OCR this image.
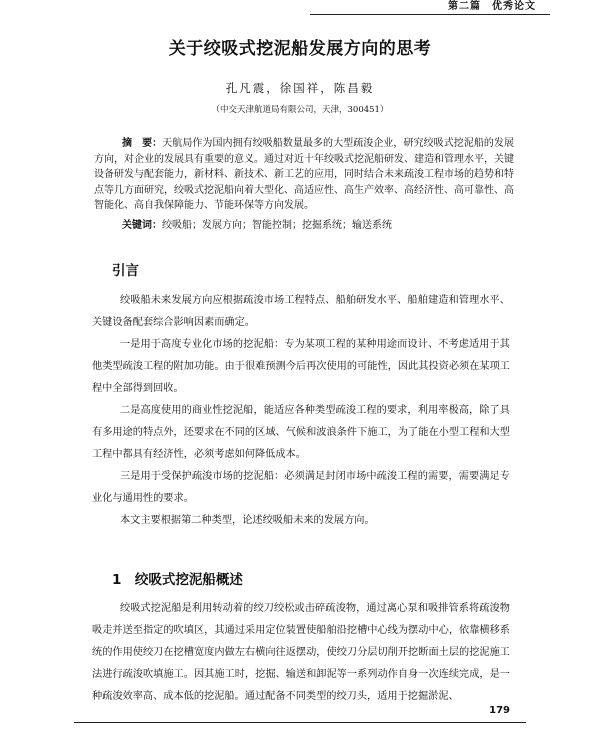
第二篇　优秀论文
关于绞吸式挖泥船发展方向的思考
孔凡震，徐国祥，陈昌毅
（中交天津航道局有限公司，天津，300451）
摘　要：天航局作为国内拥有绞吸船数量最多的大型疏浚企业，研究绞吸式挖泥船的发展方向，对企业的发展具有重要的意义。通过对近十年绞吸式挖泥船研发、建造和管理水平，关键设备研发与配套能力，新材料、新技术、新工艺的应用，同时结合未来疏浚工程市场的趋势和特点等几方面研究，绞吸式挖泥船向着大型化、高适应性、高生产效率、高经济性、高可靠性、高智能化、高自我保障能力、节能环保等方向发展。
关键词：绞吸船；发展方向；智能控制；挖掘系统；输送系统
引言

绞吸船未来发展方向应根据疏浚市场工程特点、船舶研发水平、船舶建造和管理水平、关键设备配套综合影响因素而确定。

一是用于高度专业化市场的挖泥船：专为某项工程的某种用途而设计、不考虑适用于其他类型疏浚工程的附加功能。由于很难预测今后再次使用的可能性，因此其投资必须在某项工程中全部得到回收。

二是高度使用的商业性挖泥船，能适应各种类型疏浚工程的要求，利用率极高，除了具有多用途的特点外，还要求在不同的区域、气候和波浪条件下施工，为了能在小型工程和大型工程中都具有经济性，必须考虑如何降低成本。

三是用于受保护疏浚市场的挖泥船：必须满足封闭市场中疏浚工程的需要，需要满足专业化与通用性的要求。

本文主要根据第二种类型，论述绞吸船未来的发展方向。

1　绞吸式挖泥船概述

绞吸式挖泥船是利用转动着的绞刀绞松或击碎疏浚物，通过离心泵和吸排管系将疏浚物吸走并送至指定的吹填区，其通过采用定位装置使船舶沿挖槽中心线为摆动中心，依靠横移系统的作用使绞刀在挖槽宽度内做左右横向往返摆动，使绞刀分层切削开挖断面土层的挖泥施工法进行疏浚吹填施工。因其施工时，挖掘、输送和卸泥等一系列动作自身一次连续完成，是一种疏浚效率高、成本低的挖泥船。通过配备不同类型的绞刀头，适用于挖掘淤泥、

179
